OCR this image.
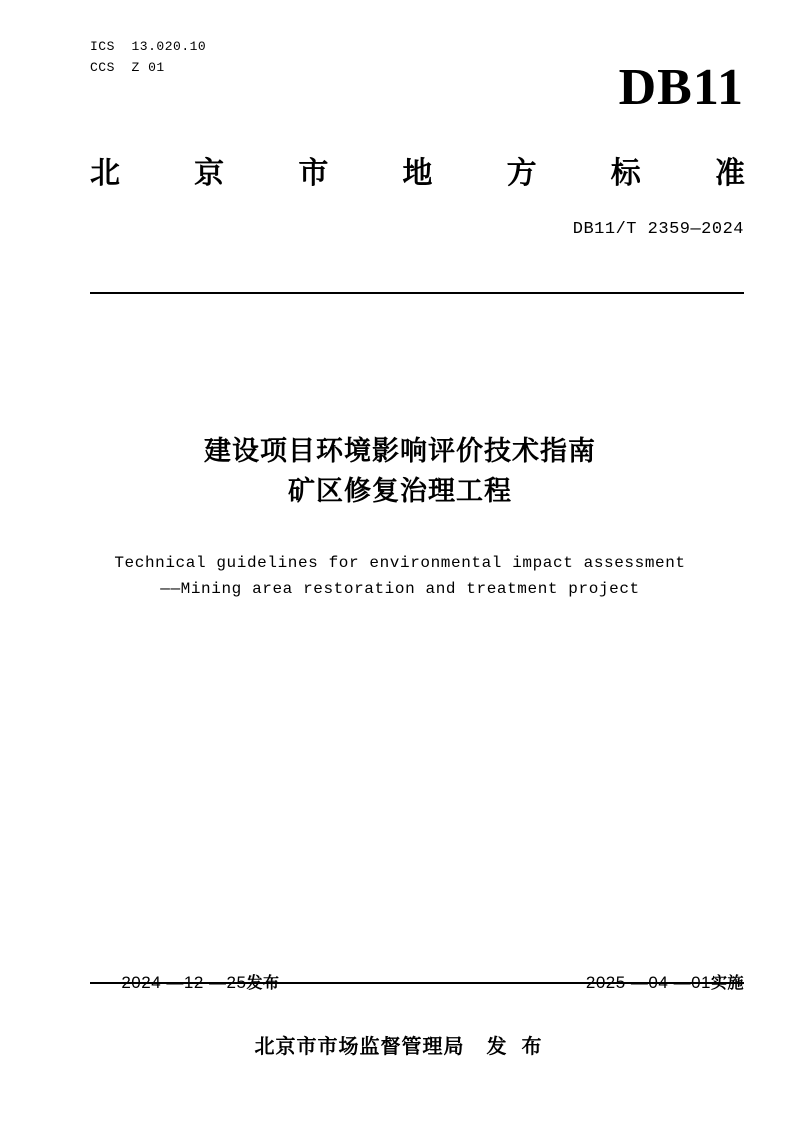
ICS  13.020.10
CCS  Z 01	DB11
北 京 市 地 方 标 准
DB11/T 2359—2024
建设项目环境影响评价技术指南
矿区修复治理工程
Technical guidelines for environmental impact assessment
——Mining area restoration and treatment project

2024 —12 —25发布
	2025 —04 —01实施

北京市市场监督管理局 发 布
